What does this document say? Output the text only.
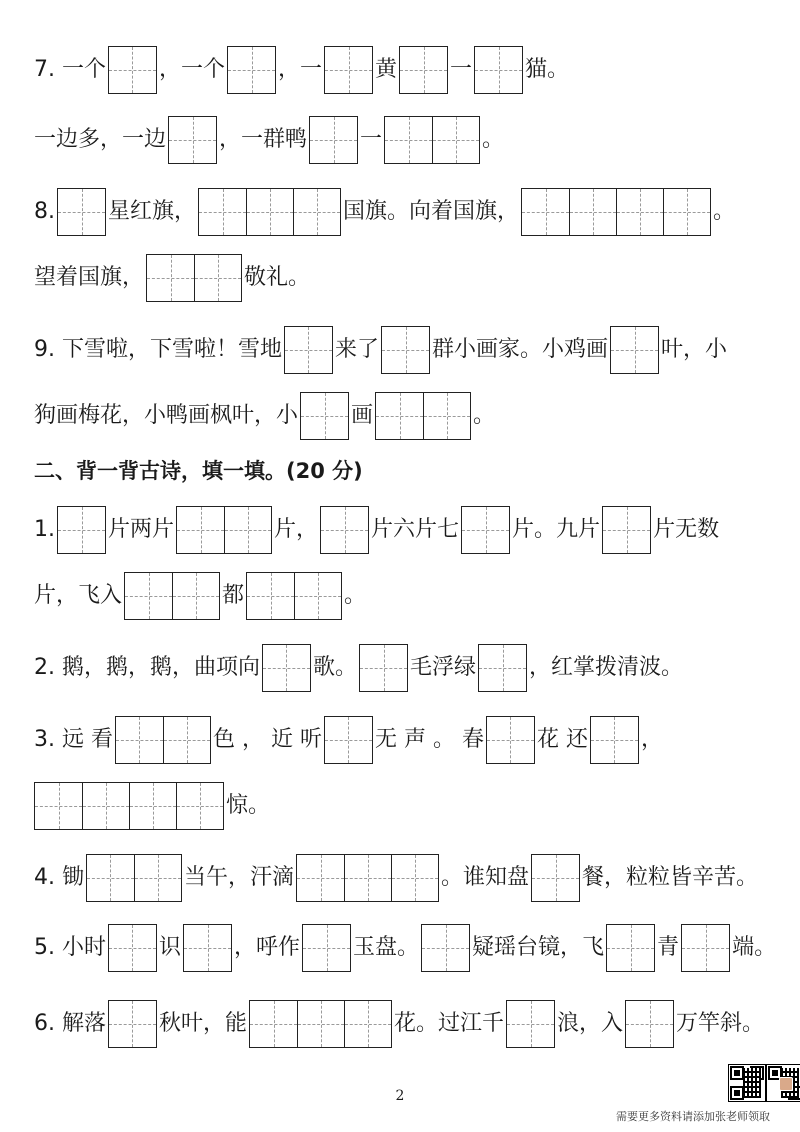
7. 一个 ，一个 ，一 黄 一 猫。
一边多，一边 ，一群鸭 一	。
8. 星红旗，	国旗。向着国旗，	。
望着国旗，	敬礼。
9. 下雪啦，下雪啦！雪地 来了 群小画家。小鸡画 叶，小
狗画梅花，小鸭画枫叶，小 画	。
二、背一背古诗，填一填。(20 分)
1. 片两片	片， 片六片七 片。九片 片无数
片，飞入	都	。
2. 鹅，鹅，鹅，曲项向 歌。 毛浮绿 ，红掌拨清波。
3. 远 看	色 ， 近 听 无 声 。 春 花 还 ，
惊。
4. 锄	当午，汗滴	。谁知盘 餐，粒粒皆辛苦。
5. 小时 识 ，呼作 玉盘。 疑瑶台镜，飞 青 端。
6. 解落 秋叶，能	花。过江千 浪，入 万竿斜。
2
需要更多资料请添加张老师领取
